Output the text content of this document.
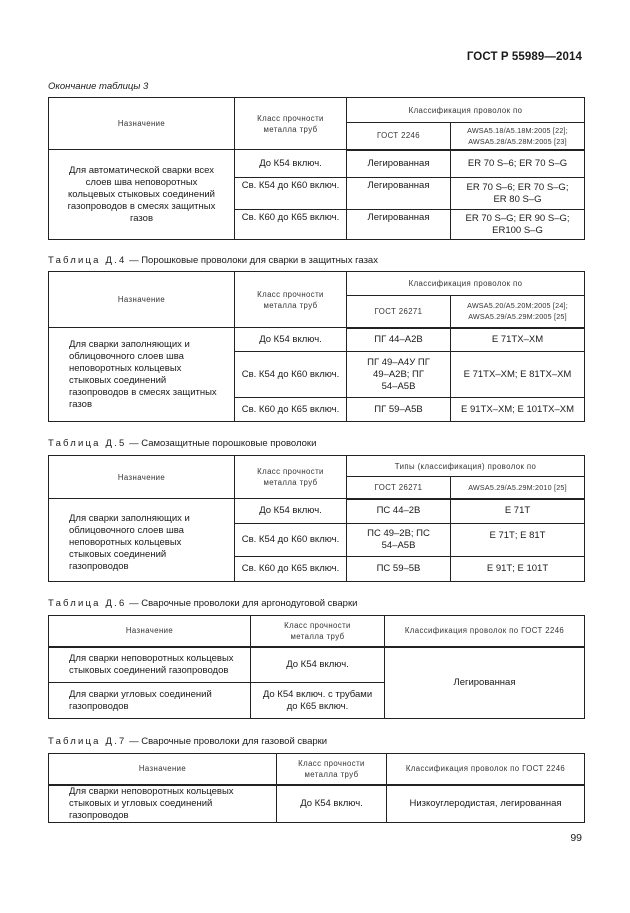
ГОСТ Р 55989—2014
Окончание таблицы 3
Назначение	Класс прочности металла труб	Классификация проволок по	
		ГОСТ 2246	AWSA5.18/A5.18M:2005 [22]; AWSA5.28/A5.28M:2005 [23]
Для автоматической сварки всех слоев шва неповоротных кольцевых стыковых соединений газопроводов в смесях защитных газов	До К54 включ.	Легированная	ER 70 S–6; ER 70 S–G
	Св. К54 до К60 включ.	Легированная	ER 70 S–6; ER 70 S–G; ER 80 S–G
	Св. К60 до К65 включ.	Легированная	ER 70 S–G; ER 90 S–G; ER100 S–G
Таблица Д.4 — Порошковые проволоки для сварки в защитных газах
Назначение	Класс прочности металла труб	Классификация проволок по	
		ГОСТ 26271	AWSA5.20/A5.20M:2005 [24]; AWSA5.29/A5.29M:2005 [25]
Для сварки заполняющих и облицовочного слоев шва неповоротных кольцевых стыковых соединений газопроводов в смесях защитных газов	До К54 включ.	ПГ 44–А2В	E 71ТХ–ХМ
	Св. К54 до К60 включ.	ПГ 49–А4У ПГ 49–А2В; ПГ 54–А5В	E 71ТХ–ХМ; E 81ТХ–ХМ
	Св. К60 до К65 включ.	ПГ 59–А5В	E 91ТХ–ХМ; E 101ТХ–ХМ
Таблица Д.5 — Самозащитные порошковые проволоки
Назначение	Класс прочности металла труб	Типы (классификация) проволок по	
		ГОСТ 26271	AWSA5.29/A5.29M:2010 [25]
Для сварки заполняющих и облицовочного слоев шва неповоротных кольцевых стыковых соединений газопроводов	До К54 включ.	ПС 44–2В	E 71Т
	Св. К54 до К60 включ.	ПС 49–2В; ПС 54–А5В	E 71Т; E 81Т
	Св. К60 до К65 включ.	ПС 59–5В	E 91Т; E 101Т
Таблица Д.6 — Сварочные проволоки для аргонодуговой сварки
Назначение	Класс прочности металла труб	Классификация проволок по ГОСТ 2246
Для сварки неповоротных кольцевых стыковых соединений газопроводов	До К54 включ.	Легированная
Для сварки угловых соединений газопроводов	До К54 включ. с трубами до К65 включ.	
Таблица Д.7 — Сварочные проволоки для газовой сварки
Назначение	Класс прочности металла труб	Классификация проволок по ГОСТ 2246
Для сварки неповоротных кольцевых стыковых и угловых соединений газопроводов	До К54 включ.	Низкоуглеродистая, легированная
99
